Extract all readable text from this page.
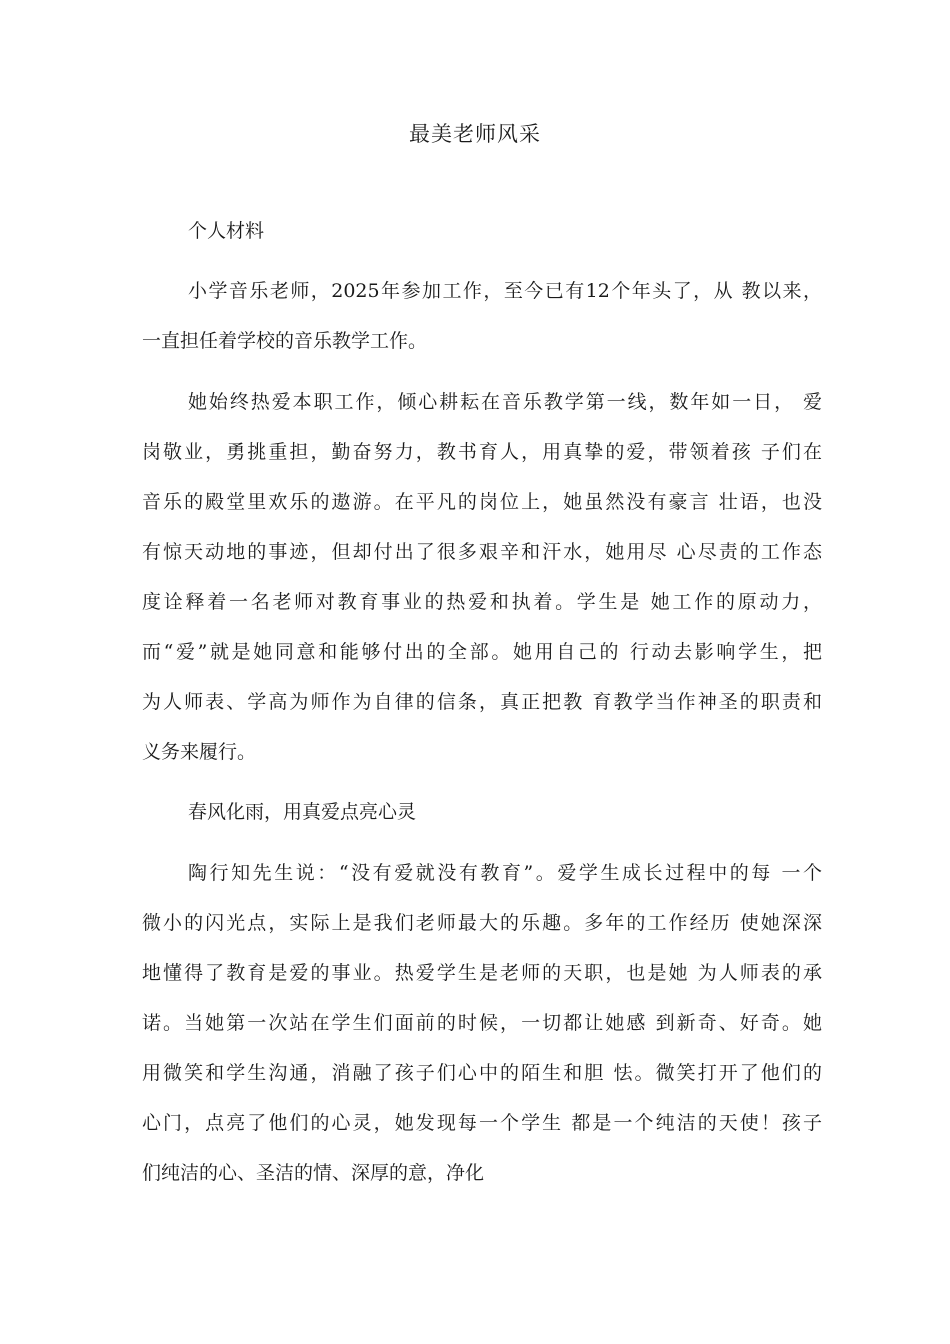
最美老师风采
个人材料
小学音乐老师，2025年参加工作，至今已有12个年头了，从 教以来，
一直担任着学校的音乐教学工作。
她始终热爱本职工作，倾心耕耘在音乐教学第一线，数年如一日， 爱
岗敬业，勇挑重担，勤奋努力，教书育人，用真挚的爱，带领着孩 子们在
音乐的殿堂里欢乐的遨游。在平凡的岗位上，她虽然没有豪言 壮语，也没
有惊天动地的事迹，但却付出了很多艰辛和汗水，她用尽 心尽责的工作态
度诠释着一名老师对教育事业的热爱和执着。学生是 她工作的原动力，
而“爱”就是她同意和能够付出的全部。她用自己的 行动去影响学生，把
为人师表、学高为师作为自律的信条，真正把教 育教学当作神圣的职责和
义务来履行。
春风化雨，用真爱点亮心灵
陶行知先生说：“没有爱就没有教育”。爱学生成长过程中的每 一个
微小的闪光点，实际上是我们老师最大的乐趣。多年的工作经历 使她深深
地懂得了教育是爱的事业。热爱学生是老师的天职，也是她 为人师表的承
诺。当她第一次站在学生们面前的时候，一切都让她感 到新奇、好奇。她
用微笑和学生沟通，消融了孩子们心中的陌生和胆 怯。微笑打开了他们的
心门，点亮了他们的心灵，她发现每一个学生 都是一个纯洁的天使！孩子
们纯洁的心、圣洁的情、深厚的意，净化
